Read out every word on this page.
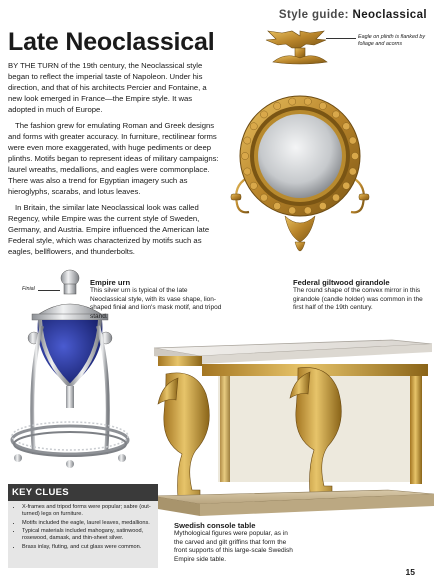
Style guide: Neoclassical
Late Neoclassical

BY THE TURN of the 19th century, the Neoclassical style began to reflect the imperial taste of Napoleon. Under his direction, and that of his architects Percier and Fontaine, a new look emerged in France—the Empire style. It was adopted in much of Europe.

The fashion grew for emulating Roman and Greek designs and forms with greater accuracy. In furniture, rectilinear forms were even more exaggerated, with huge pediments or deep plinths. Motifs began to represent ideas of military campaigns: laurel wreaths, medallions, and eagles were commonplace. There was also a trend for Egyptian imagery such as hieroglyphs, scarabs, and lotus leaves.

In Britain, the similar late Neoclassical look was called Regency, while Empire was the current style of Sweden, Germany, and Austria. Empire influenced the American late Federal style, which was characterized by motifs such as eagles, bellflowers, and thunderbolts.

Eagle on plinth is flanked by foliage and acorns
Federal giltwood girandole
The round shape of the convex mirror in this girandole (candle holder) was common in the first half of the 19th century.
Finial
Empire urn
This silver urn is typical of the late Neoclassical style, with its vase shape, lion-shaped finial and lion's mask motif, and tripod stand.
Swedish console table
Mythological figures were popular, as in the carved and gilt griffins that form the front supports of this large-scale Swedish Empire side table.
KEY CLUES
• X-frames and tripod forms were popular; sabre (out-turned) legs on furniture.
• Motifs included the eagle, laurel leaves, medallions.
• Typical materials included mahogany, satinwood, rosewood, damask, and thin-sheet silver.
• Brass inlay, fluting, and cut glass were common.
二九公社
15
